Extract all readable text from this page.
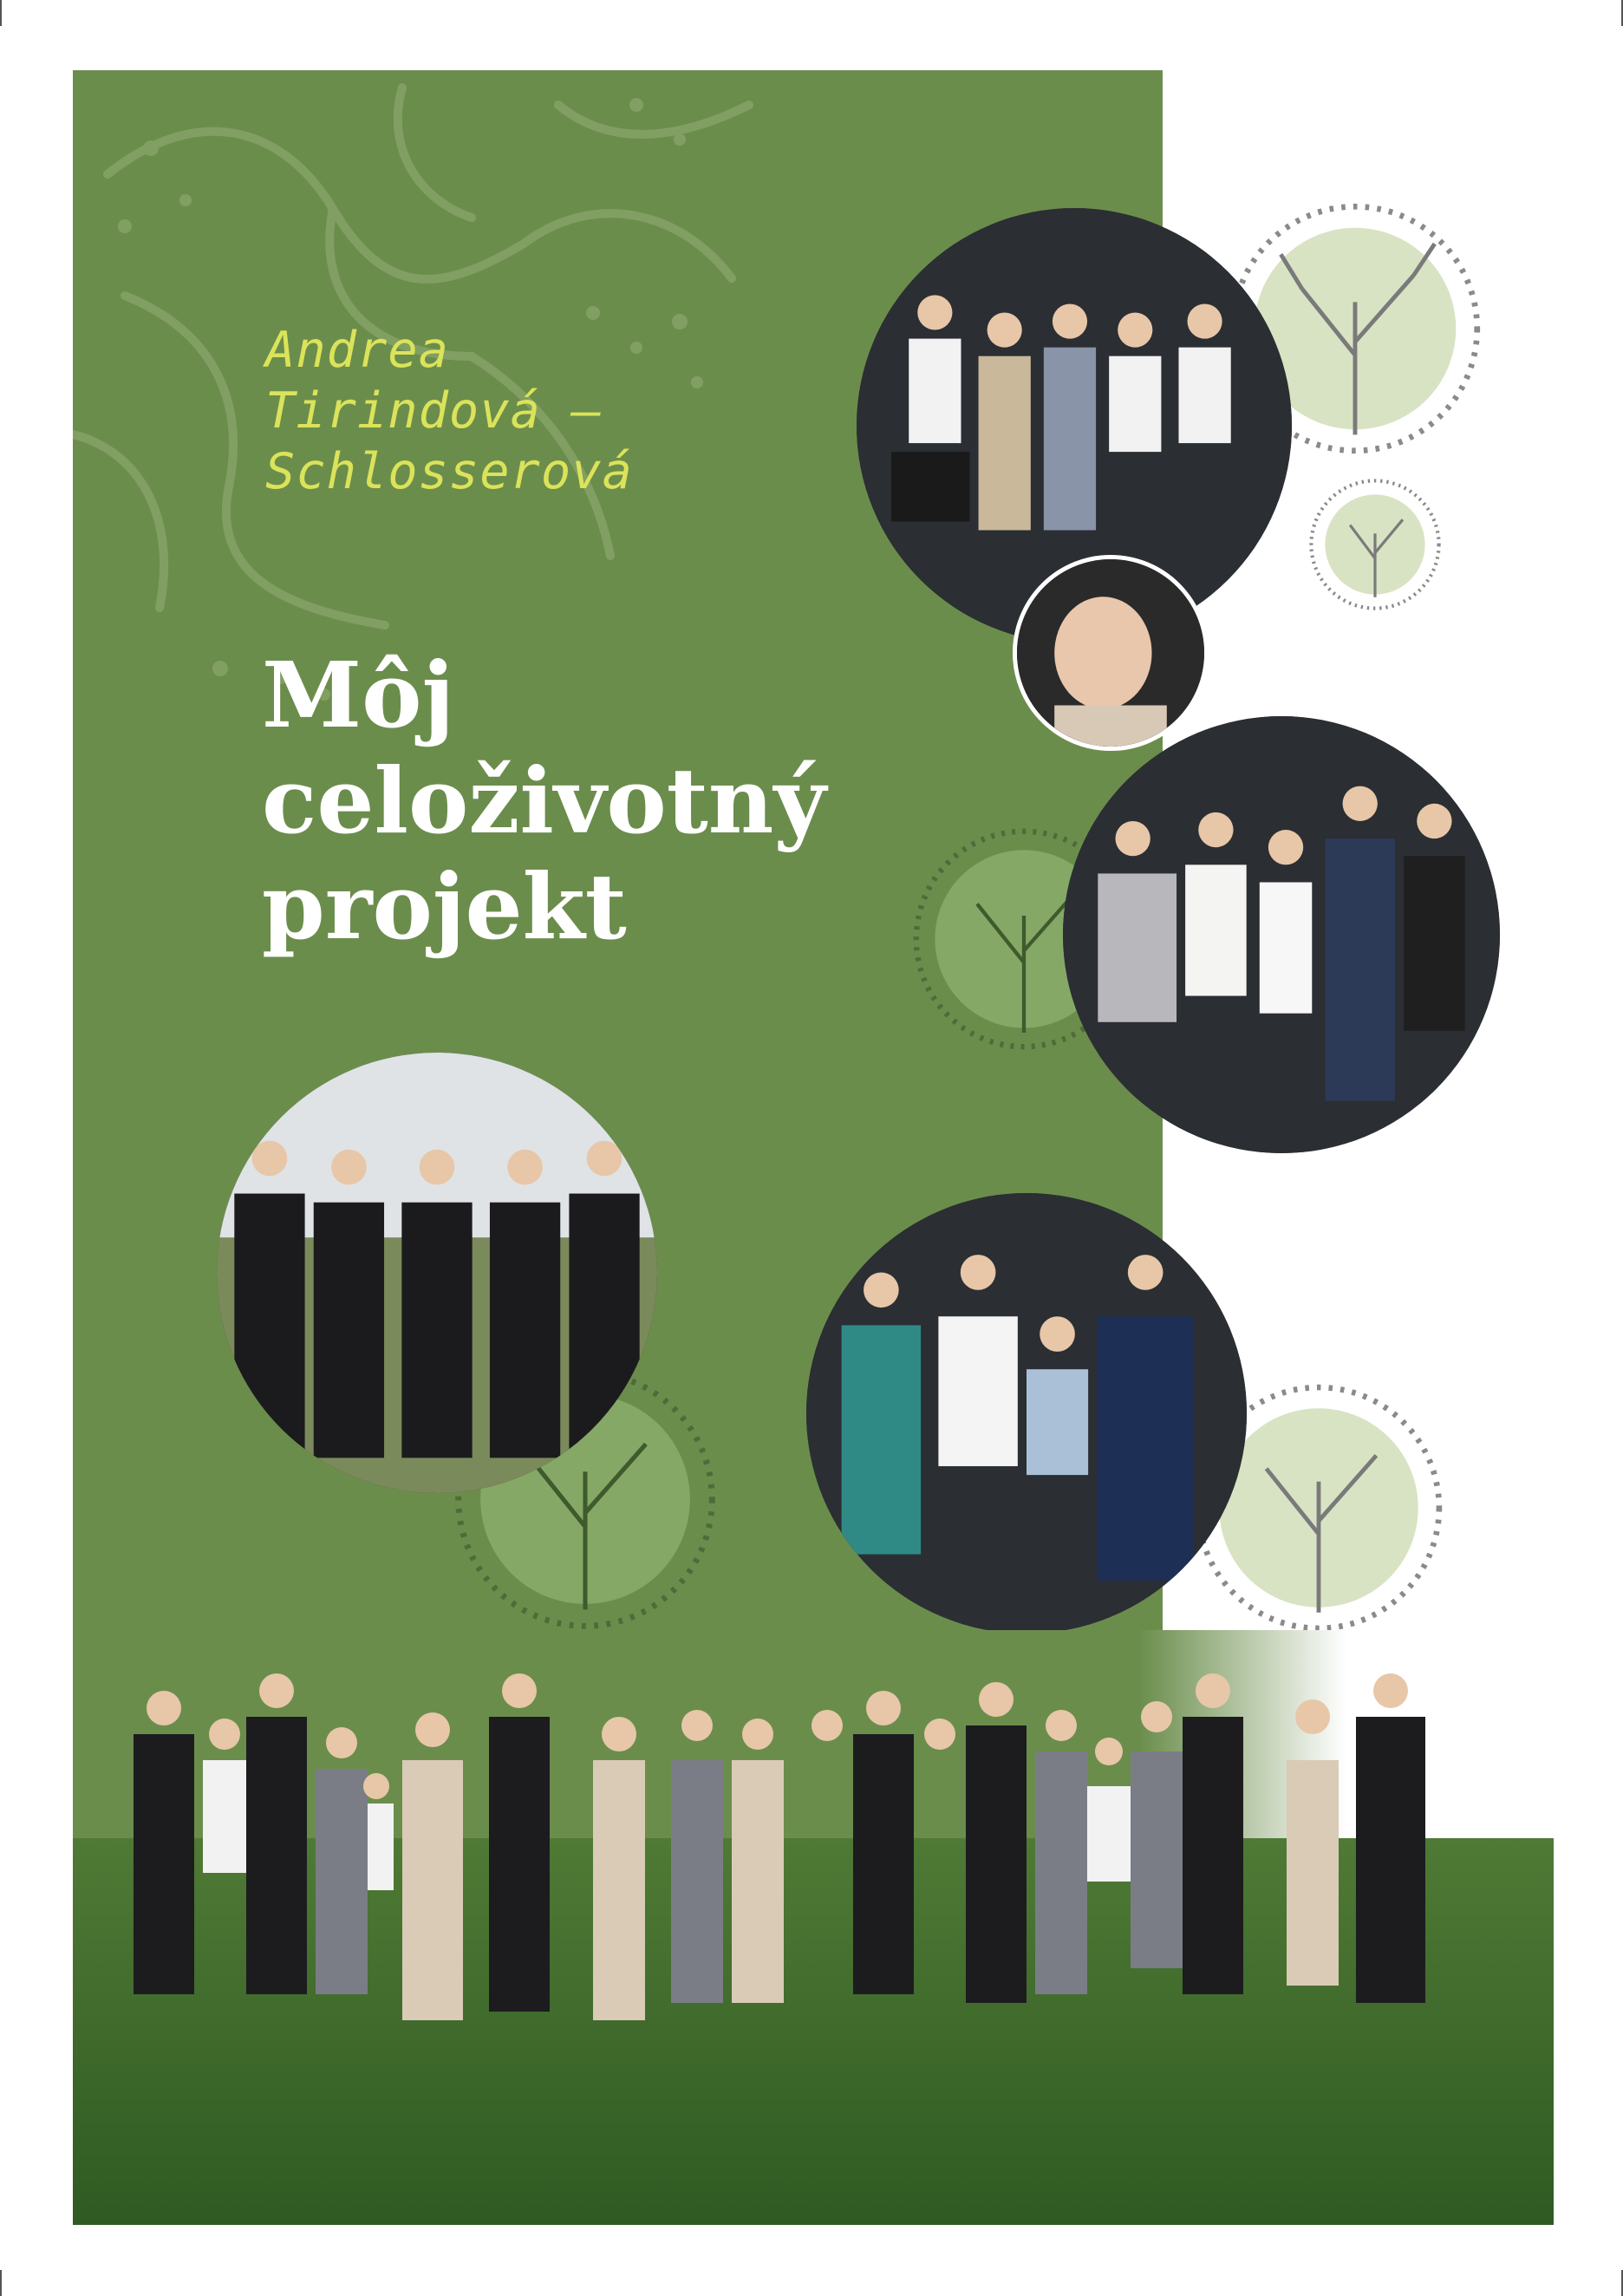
Andrea
Tirindová –
Schlosserová
Môj
celoživotný
projekt
